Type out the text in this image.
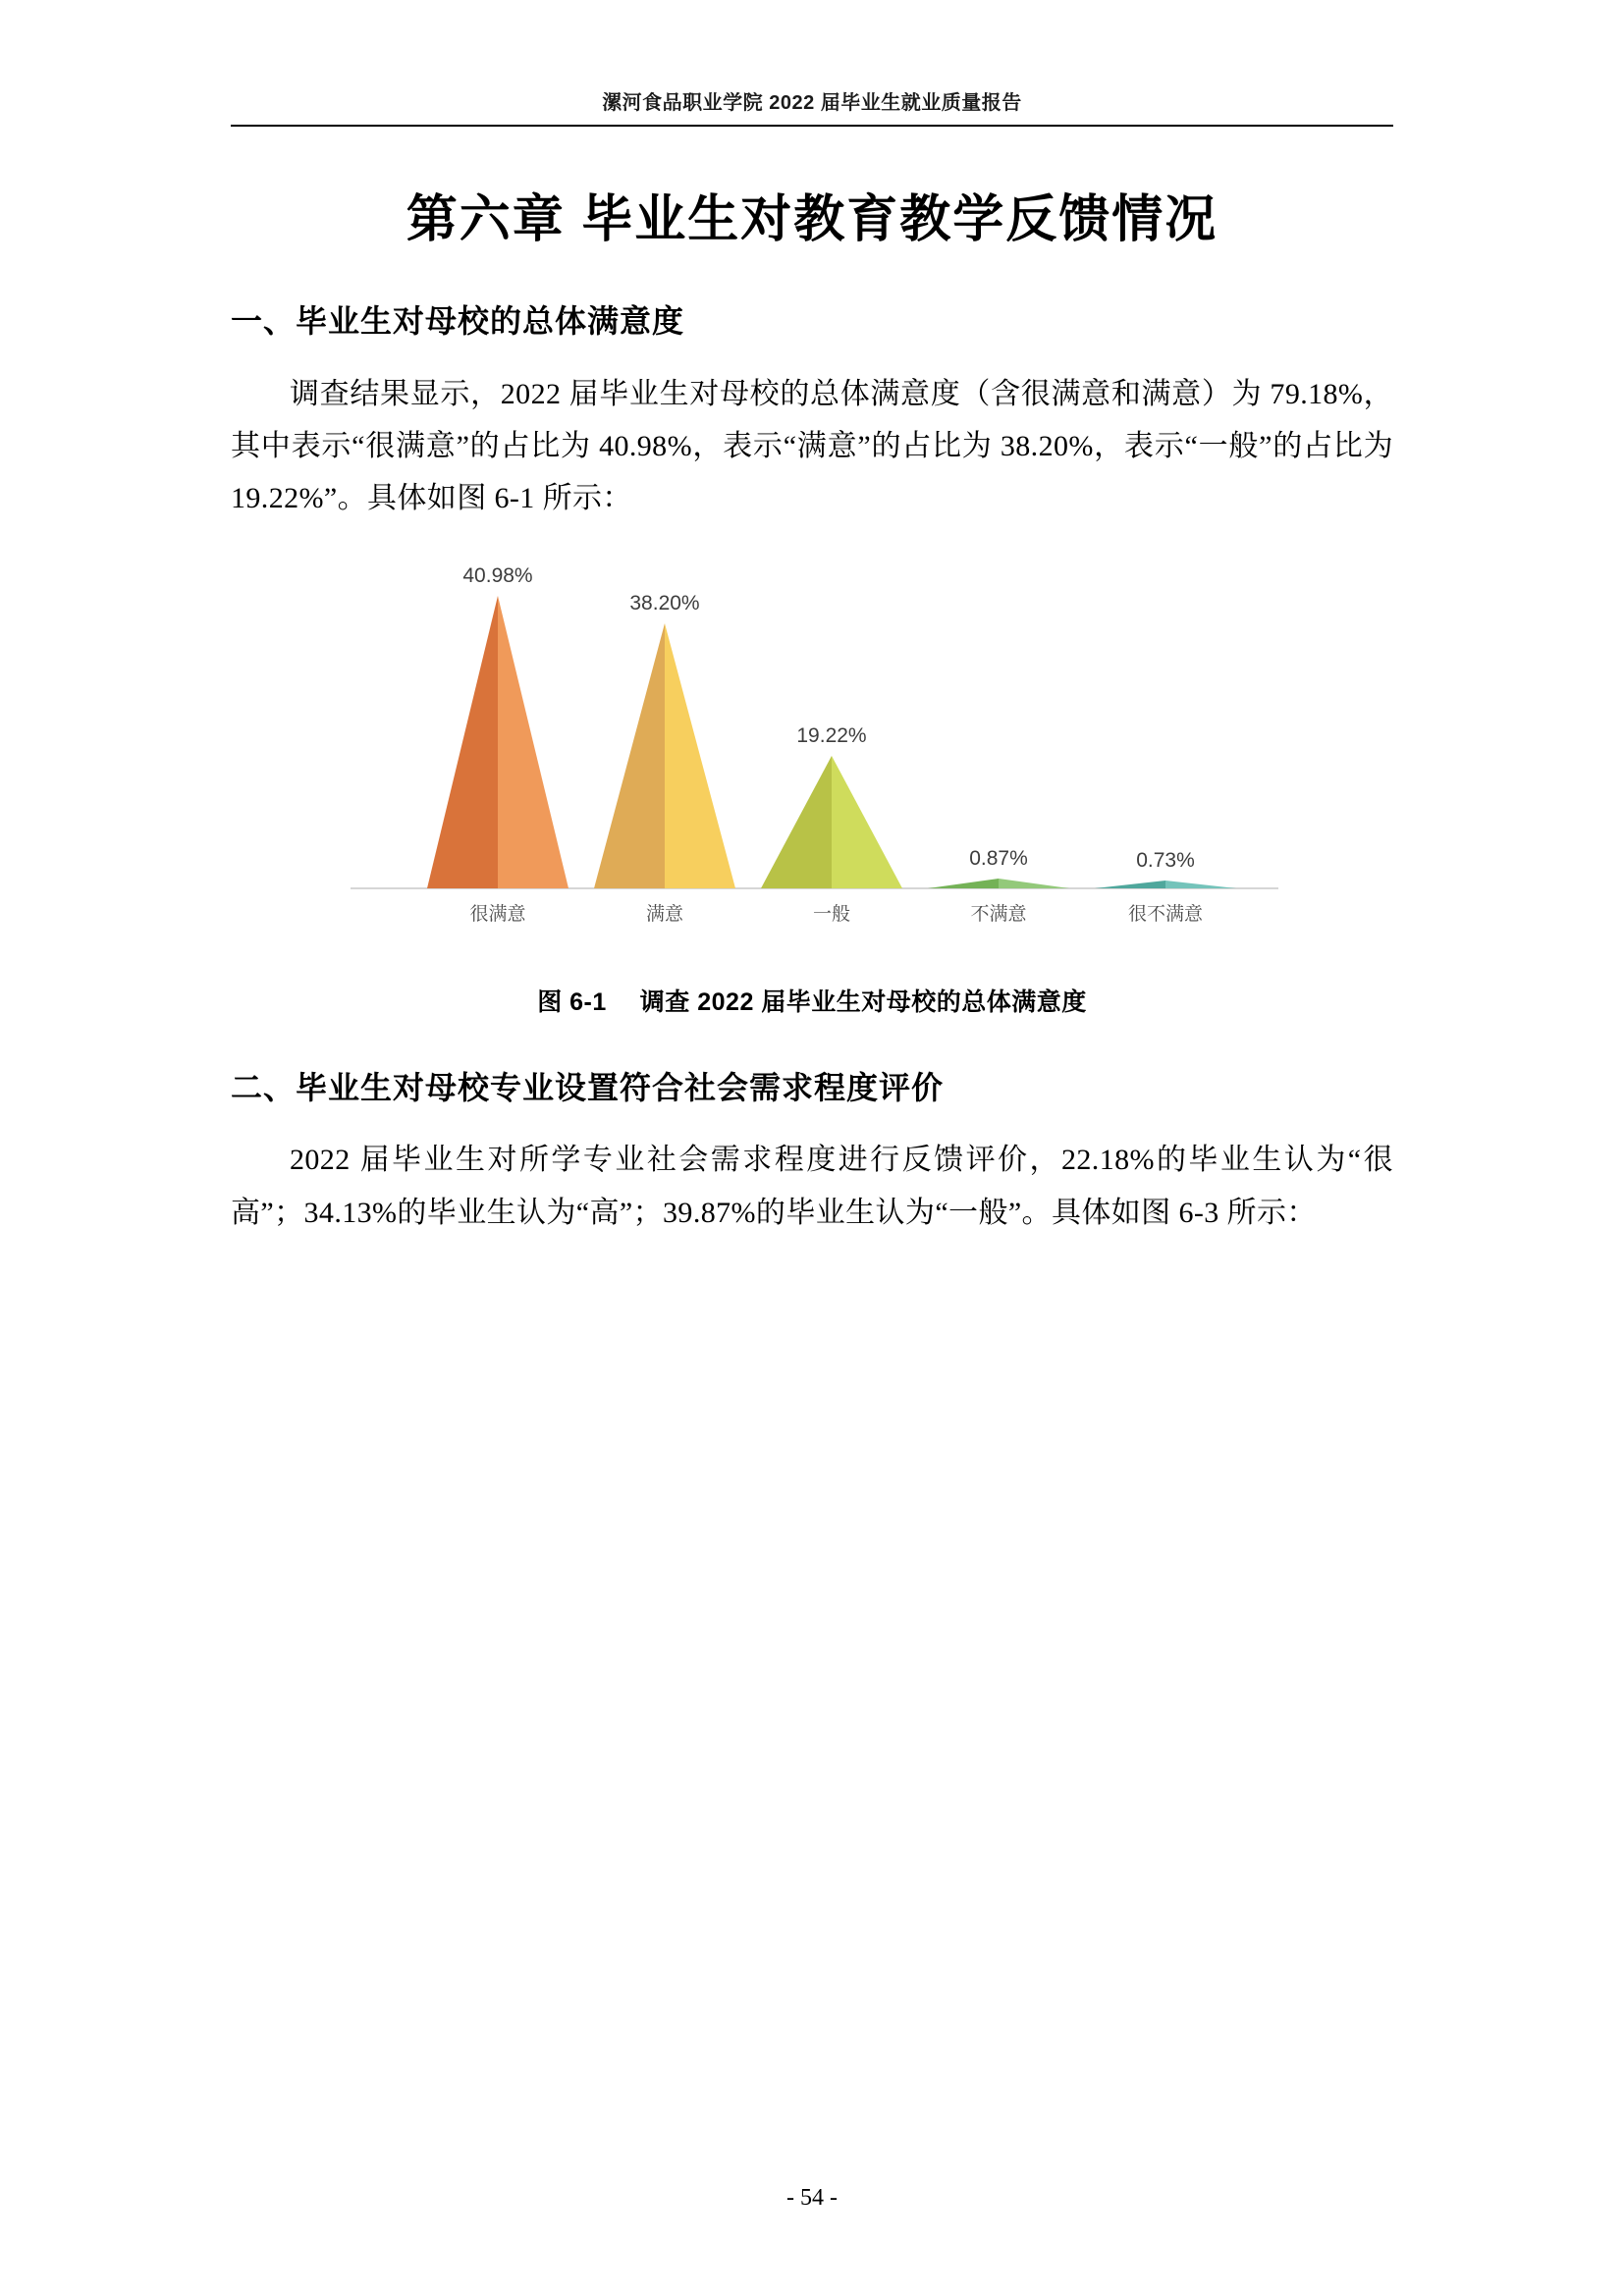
漯河食品职业学院 2022 届毕业生就业质量报告
第六章 毕业生对教育教学反馈情况
一、毕业生对母校的总体满意度

调查结果显示，2022 届毕业生对母校的总体满意度（含很满意和满意）为 79.18%，其中表示“很满意”的占比为 40.98%，表示“满意”的占比为 38.20%，表示“一般”的占比为 19.22%”。具体如图 6-1 所示：

40.98%
38.20%
19.22%
0.87%	0.73%
很满意	满意	一般	不满意	很不满意
图 6-1 调查 2022 届毕业生对母校的总体满意度
二、毕业生对母校专业设置符合社会需求程度评价

2022 届毕业生对所学专业社会需求程度进行反馈评价，22.18%的毕业生认为“很高”；34.13%的毕业生认为“高”；39.87%的毕业生认为“一般”。具体如图 6-3 所示：

- 54 -
